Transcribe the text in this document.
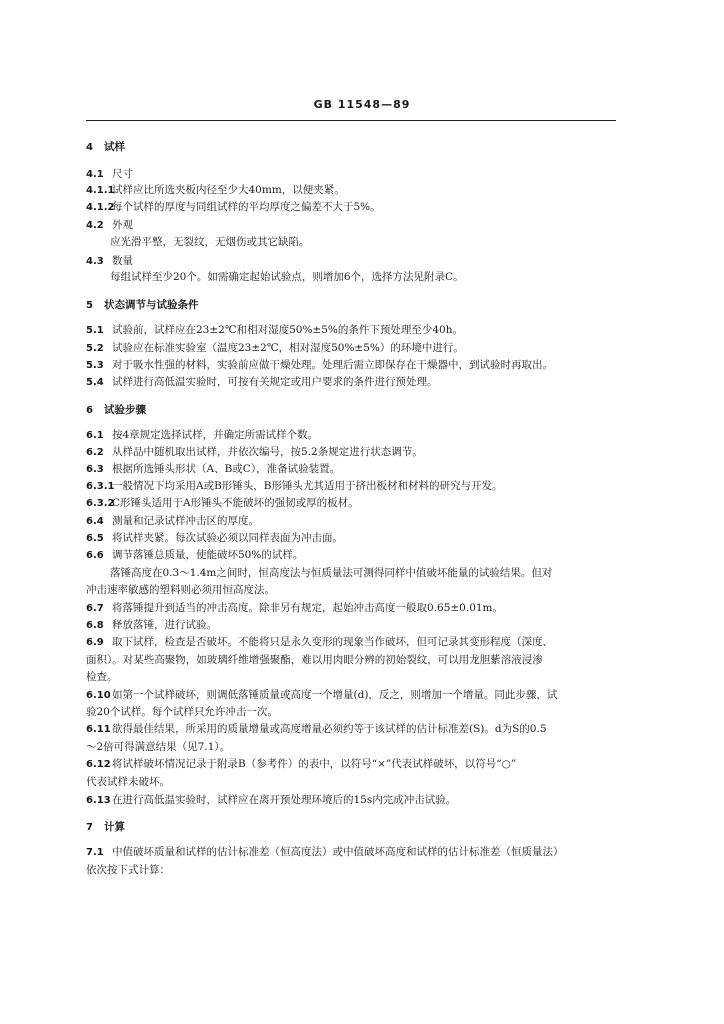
GB 11548—89
4 试样
4.1 尺寸
4.1.1试样应比所选夹板内径至少大40mm，以便夹紧。
4.1.2每个试样的厚度与同组试样的平均厚度之偏差不大于5%。
4.2 外观
应光滑平整，无裂纹，无烟伤或其它缺陷。
4.3 数量
每组试样至少20个。如需确定起始试验点，则增加6个，选择方法见附录C。
5 状态调节与试验条件
5.1 试验前，试样应在23±2℃和相对湿度50%±5%的条件下预处理至少40h。
5.2 试验应在标准实验室（温度23±2℃，相对湿度50%±5%）的环境中进行。
5.3 对于吸水性强的材料，实验前应做干燥处理。处理后需立即保存在干燥器中，到试验时再取出。
5.4 试样进行高低温实验时，可按有关规定或用户要求的条件进行预处理。
6 试验步骤
6.1 按4章规定选择试样，并确定所需试样个数。
6.2 从样品中随机取出试样，并依次编号，按5.2条规定进行状态调节。
6.3 根据所选锤头形状（A、B或C），准备试验装置。
6.3.1一般情况下均采用A或B形锤头，B形锤头尤其适用于挤出板材和材料的研究与开发。
6.3.2C形锤头适用于A形锤头不能破坏的强韧或厚的板材。
6.4 测量和记录试样冲击区的厚度。
6.5 将试样夹紧。每次试验必须以同样表面为冲击面。
6.6 调节落锤总质量，使能破坏50%的试样。
落锤高度在0.3～1.4m之间时，恒高度法与恒质量法可测得同样中值破坏能量的试验结果。但对
冲击速率敏感的塑料则必须用恒高度法。
6.7 将落锤提升到适当的冲击高度。除非另有规定，起始冲击高度一般取0.65±0.01m。
6.8 释放落锤，进行试验。
6.9 取下试样，检查是否破坏。不能将只是永久变形的现象当作破坏，但可记录其变形程度（深度、
面积）。对某些高聚物，如玻璃纤维增强聚酯，难以用肉眼分辨的初始裂纹，可以用龙胆紫溶液浸渗
检查。
6.10如第一个试样破坏，则调低落锤质量或高度一个增量(d)，反之，则增加一个增量。同此步骤，试
验20个试样。每个试样只允许冲击一次。
6.11欲得最佳结果，所采用的质量增量或高度增量必须约等于该试样的估计标准差(S)。d为S的0.5
～2倍可得满意结果（见7.1）。
6.12将试样破坏情况记录于附录B（参考件）的表中，以符号“×”代表试样破坏，以符号“○”
代表试样未破坏。
6.13在进行高低温实验时，试样应在离开预处理环境后的15s内完成冲击试验。
7 计算
7.1 中值破坏质量和试样的估计标准差（恒高度法）或中值破坏高度和试样的估计标准差（恒质量法）
依次按下式计算：
